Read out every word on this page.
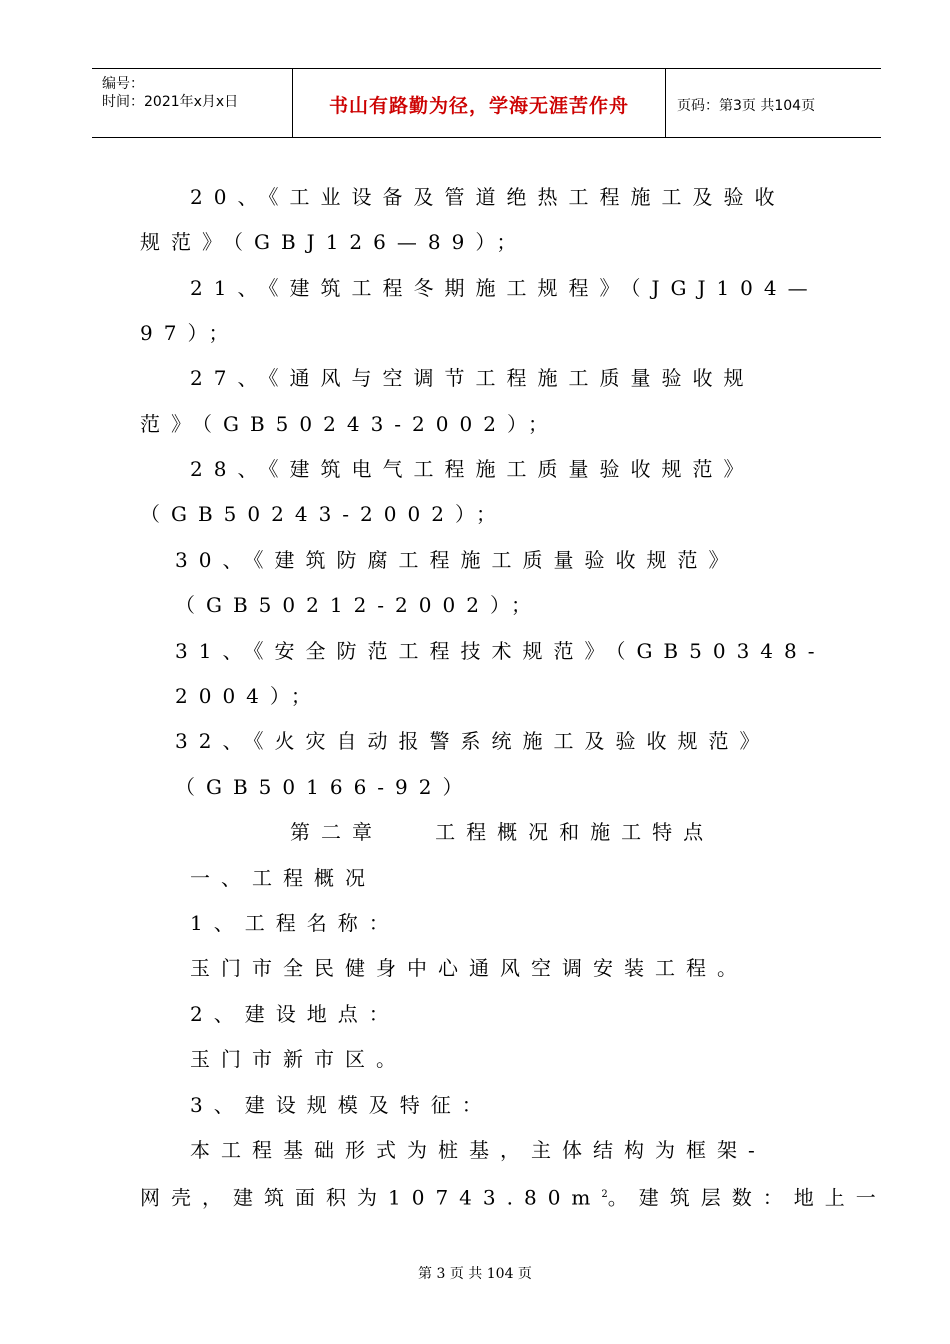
编号：
时间：2021年x月x日	书山有路勤为径，学海无涯苦作舟	页码：第3页 共104页
20、《工业设备及管道绝热工程施工及验收
规范》（GBJ126—89）；
21、《建筑工程冬期施工规程》（JGJ104—
97）；
27、《通风与空调节工程施工质量验收规
范》（GB50243-2002）；
28、《建筑电气工程施工质量验收规范》
（GB50243-2002）；
30、《建筑防腐工程施工质量验收规范》
（GB50212-2002）；
31、《安全防范工程技术规范》（GB50348-
2004）；
32、《火灾自动报警系统施工及验收规范》
（GB50166-92）
第二章   工程概况和施工特点
一、工程概况
1、工程名称：
玉门市全民健身中心通风空调安装工程。
2、建设地点：
玉门市新市区。
3、建设规模及特征：
本工程基础形式为桩基，主体结构为框架-
网壳，建筑面积为$10743.80m^2$。建筑层数：地上一
第 3 页 共 104 页
